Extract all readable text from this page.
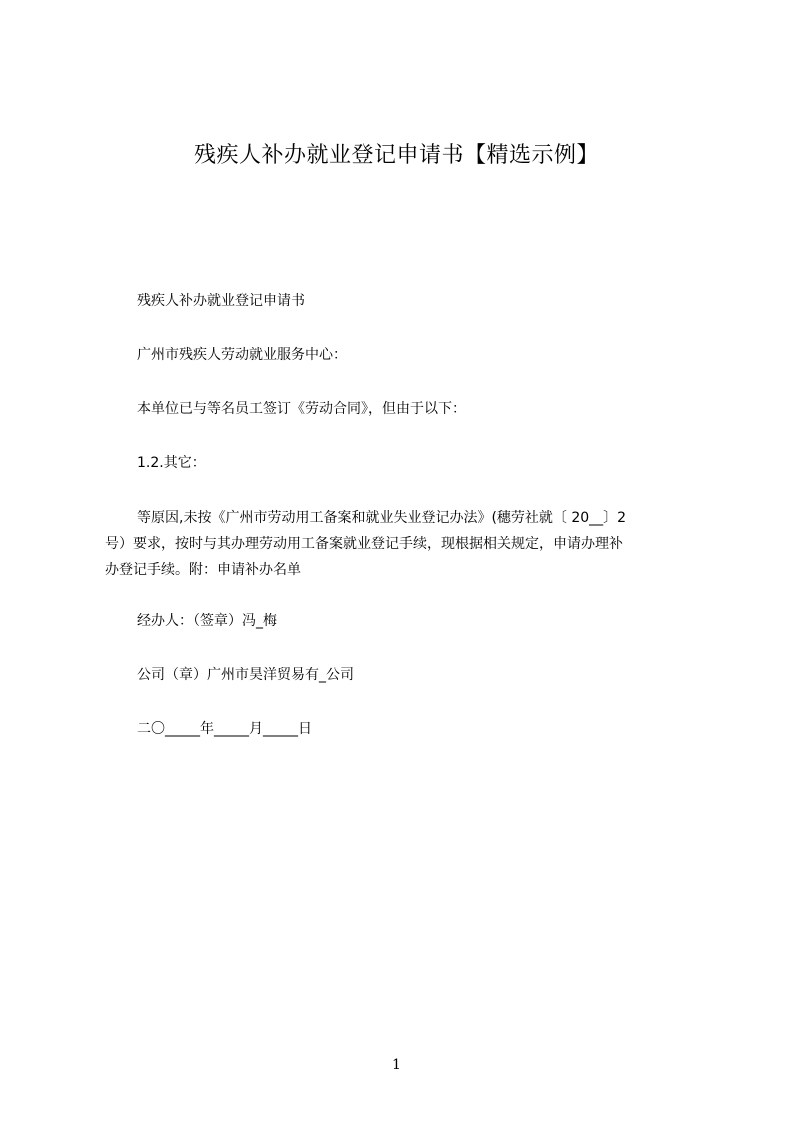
残疾人补办就业登记申请书【精选示例】
残疾人补办就业登记申请书
广州市残疾人劳动就业服务中心：
本单位已与等名员工签订《劳动合同》，但由于以下：
1.2.其它：
等原因,未按《广州市劳动用工备案和就业失业登记办法》(穗劳社就〔 20__〕2
号）要求，按时与其办理劳动用工备案就业登记手续，现根据相关规定，申请办理补
办登记手续。附：申请补办名单
经办人：（签章）冯_梅
公司（章）广州市昊洋贸易有_公司
二〇_____年_____月_____日
1
